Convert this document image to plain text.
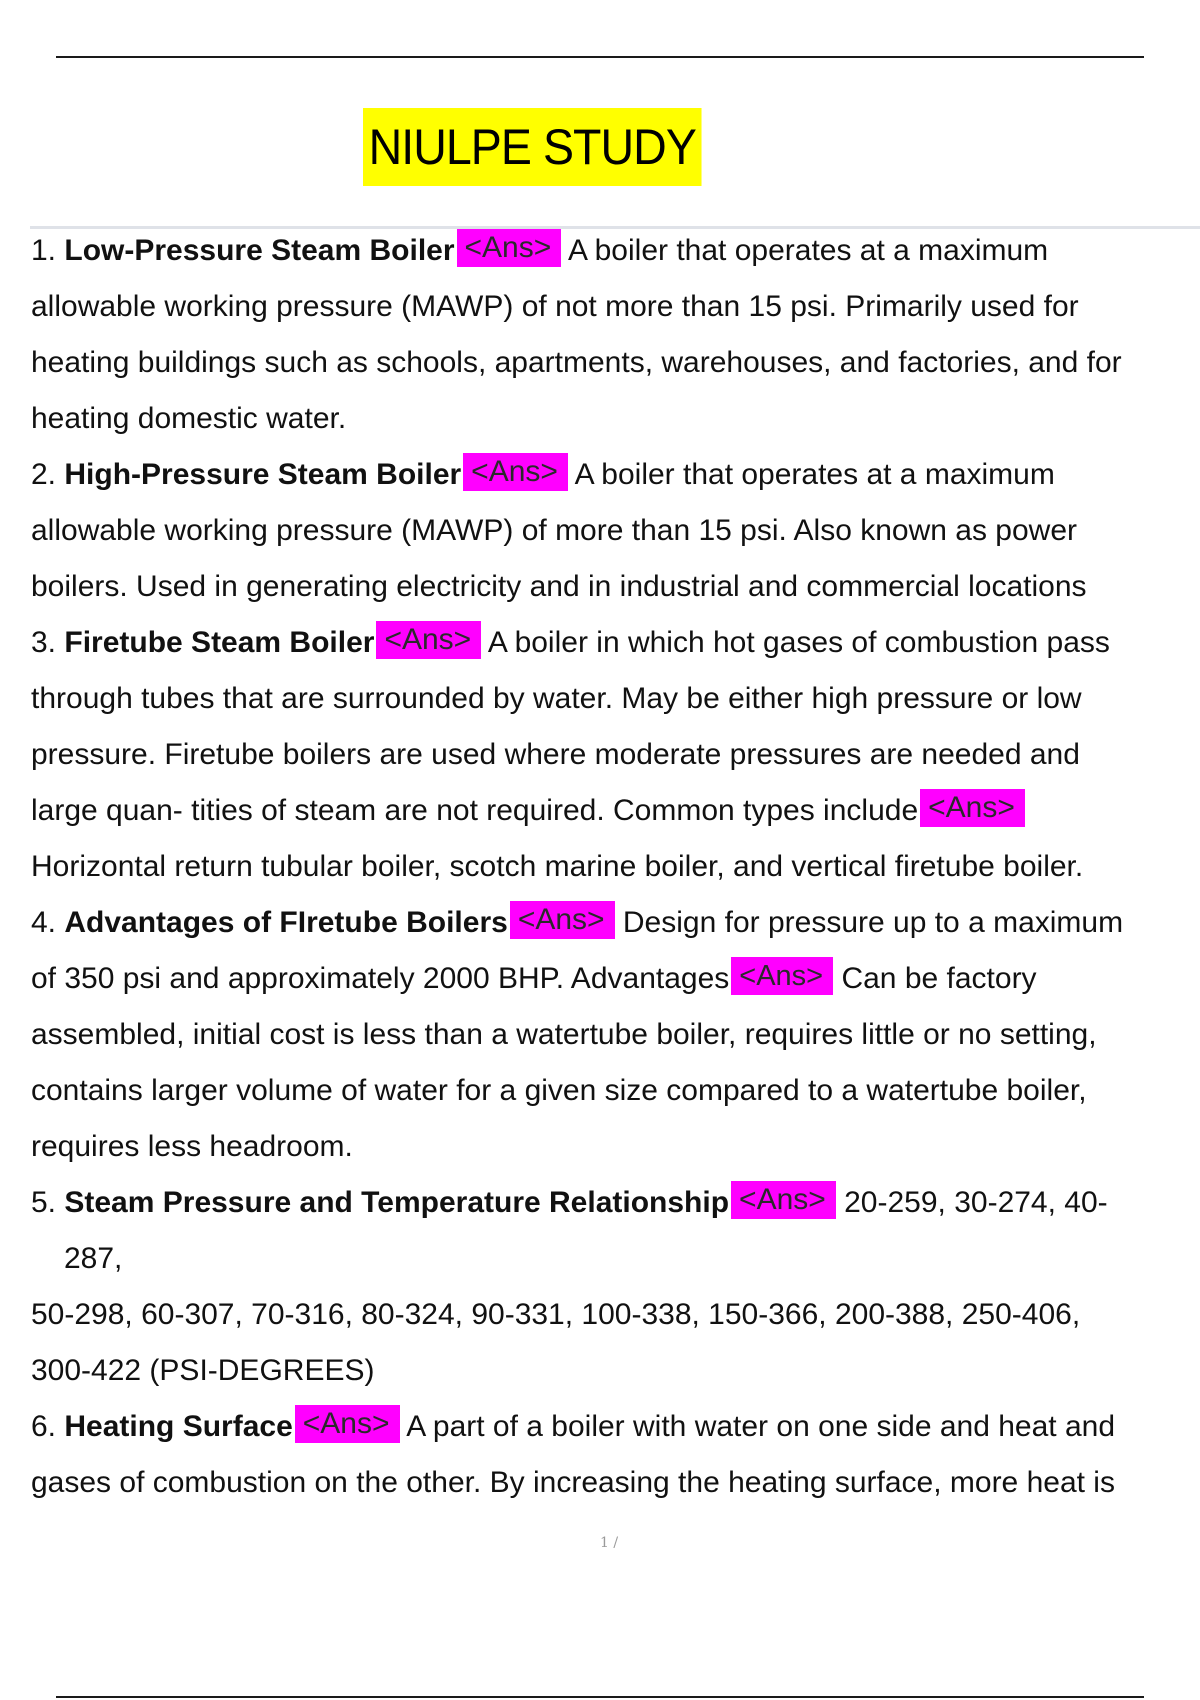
NIULPE STUDY
1. Low-Pressure Steam Boiler <Ans> A boiler that operates at a maximum
allowable working pressure (MAWP) of not more than 15 psi. Primarily used for
heating buildings such as schools, apartments, warehouses, and factories, and for
heating domestic water.
2. High-Pressure Steam Boiler <Ans> A boiler that operates at a maximum
allowable working pressure (MAWP) of more than 15 psi. Also known as power
boilers. Used in generating electricity and in industrial and commercial locations
3. Firetube Steam Boiler <Ans> A boiler in which hot gases of combustion pass
through tubes that are surrounded by water. May be either high pressure or low
pressure. Firetube boilers are used where moderate pressures are needed and
large quan- tities of steam are not required. Common types include <Ans>
Horizontal return tubular boiler, scotch marine boiler, and vertical firetube boiler.
4. Advantages of FIretube Boilers <Ans> Design for pressure up to a maximum
of 350 psi and approximately 2000 BHP. Advantages <Ans> Can be factory
assembled, initial cost is less than a watertube boiler, requires little or no setting,
contains larger volume of water for a given size compared to a watertube boiler,
requires less headroom.
5. Steam Pressure and Temperature Relationship <Ans> 20-259, 30-274, 40-
287,
50-298, 60-307, 70-316, 80-324, 90-331, 100-338, 150-366, 200-388, 250-406,
300-422 (PSI-DEGREES)
6. Heating Surface <Ans> A part of a boiler with water on one side and heat and
gases of combustion on the other. By increasing the heating surface, more heat is
1 /
